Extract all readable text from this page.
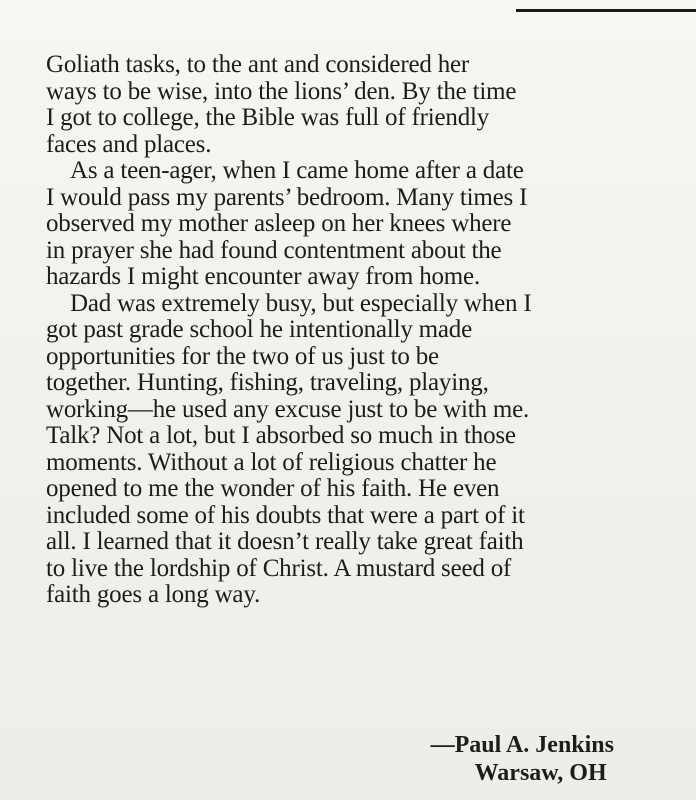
Goliath tasks, to the ant and considered her
ways to be wise, into the lions’ den. By the time
I got to college, the Bible was full of friendly
faces and places.
As a teen-ager, when I came home after a date
I would pass my parents’ bedroom. Many times I
observed my mother asleep on her knees where
in prayer she had found contentment about the
hazards I might encounter away from home.
Dad was extremely busy, but especially when I
got past grade school he intentionally made
opportunities for the two of us just to be
together. Hunting, fishing, traveling, playing,
working—he used any excuse just to be with me.
Talk? Not a lot, but I absorbed so much in those
moments. Without a lot of religious chatter he
opened to me the wonder of his faith. He even
included some of his doubts that were a part of it
all. I learned that it doesn’t really take great faith
to live the lordship of Christ. A mustard seed of
faith goes a long way.
—Paul A. Jenkins
Warsaw, OH
